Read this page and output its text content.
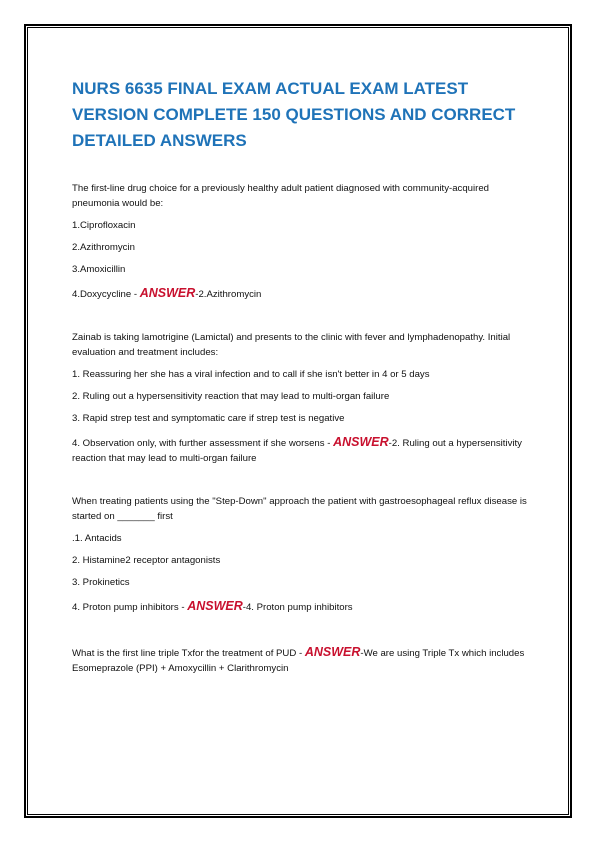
NURS 6635 FINAL EXAM ACTUAL EXAM LATEST VERSION COMPLETE 150 QUESTIONS AND CORRECT DETAILED ANSWERS

The first-line drug choice for a previously healthy adult patient diagnosed with community-acquired pneumonia would be:

1.Ciprofloxacin

2.Azithromycin

3.Amoxicillin

4.Doxycycline - ANSWER-2.Azithromycin

Zainab is taking lamotrigine (Lamictal) and presents to the clinic with fever and lymphadenopathy. Initial evaluation and treatment includes:

1. Reassuring her she has a viral infection and to call if she isn't better in 4 or 5 days

2. Ruling out a hypersensitivity reaction that may lead to multi-organ failure

3. Rapid strep test and symptomatic care if strep test is negative

4. Observation only, with further assessment if she worsens - ANSWER-2. Ruling out a hypersensitivity reaction that may lead to multi-organ failure

When treating patients using the "Step-Down" approach the patient with gastroesophageal reflux disease is started on _______ first

.1. Antacids

2. Histamine2 receptor antagonists

3. Prokinetics

4. Proton pump inhibitors - ANSWER-4. Proton pump inhibitors

What is the first line triple Txfor the treatment of PUD - ANSWER-We are using Triple Tx which includes Esomeprazole (PPI) + Amoxycillin + Clarithromycin
